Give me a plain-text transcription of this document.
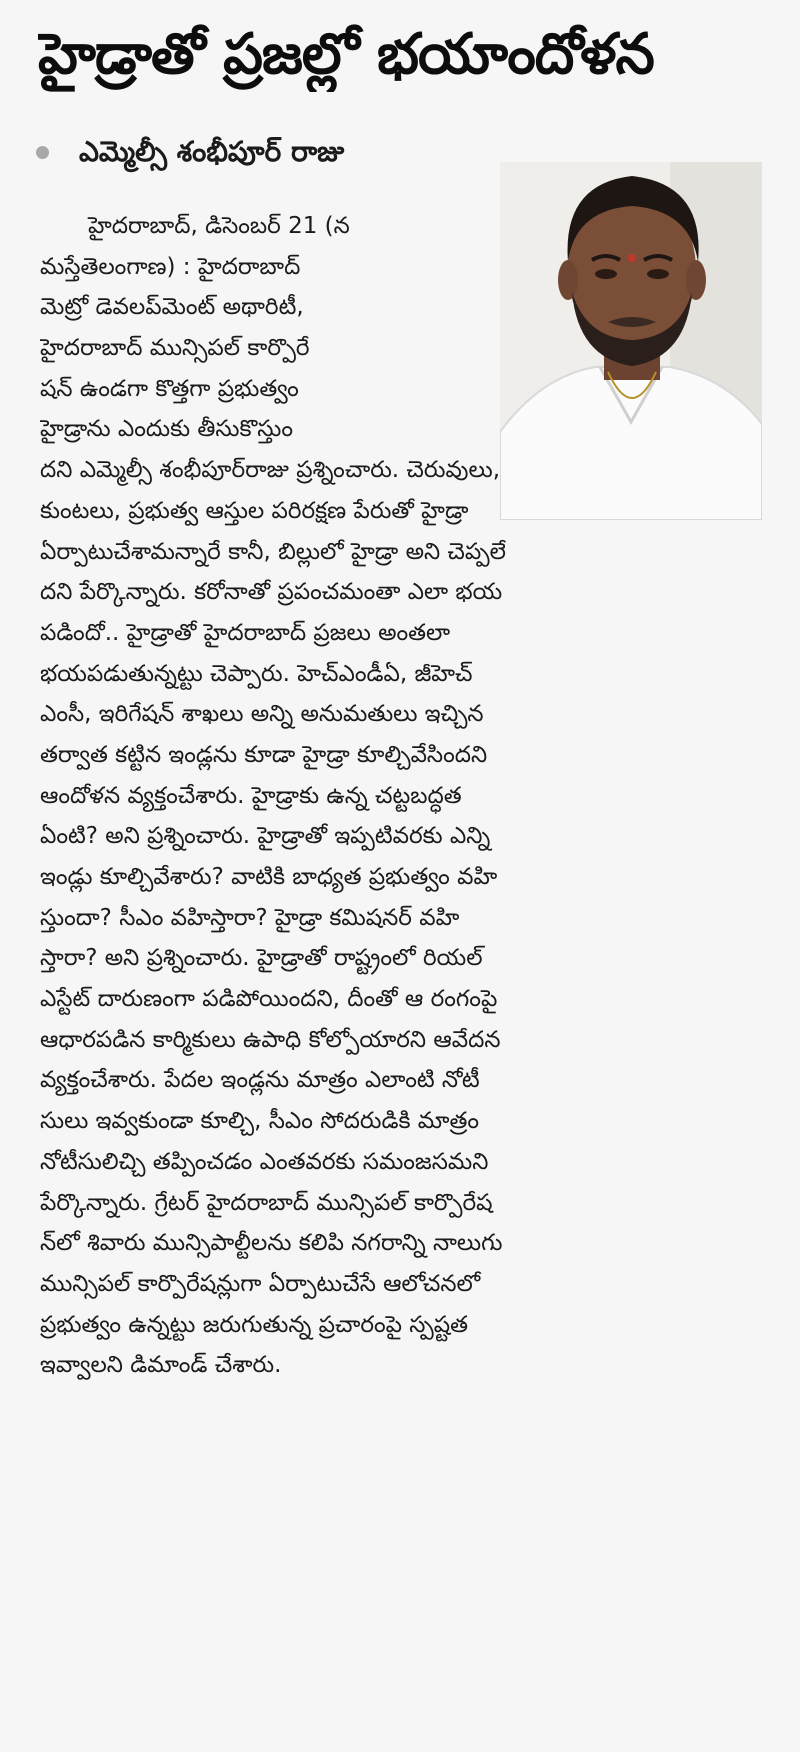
హైడ్రాతో ప్రజల్లో భయాందోళన
ఎమ్మెల్సీ శంభీపూర్ రాజు
హైదరాబాద్, డిసెంబర్ 21 (న
మస్తేతెలంగాణ) : హైదరాబాద్
మెట్రో డెవలప్‌మెంట్ అథారిటీ,
హైదరాబాద్ మున్సిపల్ కార్పొరే
షన్ ఉండగా కొత్తగా ప్రభుత్వం
హైడ్రాను ఎందుకు తీసుకొస్తుం
దని ఎమ్మెల్సీ శంభీపూర్‌రాజు ప్రశ్నించారు. చెరువులు,
కుంటలు, ప్రభుత్వ ఆస్తుల పరిరక్షణ పేరుతో హైడ్రా
ఏర్పాటుచేశామన్నారే కానీ, బిల్లులో హైడ్రా అని చెప్పలే
దని పేర్కొన్నారు. కరోనాతో ప్రపంచమంతా ఎలా భయ
పడిందో.. హైడ్రాతో హైదరాబాద్ ప్రజలు అంతలా
భయపడుతున్నట్టు చెప్పారు. హెచ్‌ఎండీఏ, జీహెచ్
ఎంసీ, ఇరిగేషన్ శాఖలు అన్ని అనుమతులు ఇచ్చిన
తర్వాత కట్టిన ఇండ్లను కూడా హైడ్రా కూల్చివేసిందని
ఆందోళన వ్యక్తంచేశారు. హైడ్రాకు ఉన్న చట్టబద్ధత
ఏంటి? అని ప్రశ్నించారు. హైడ్రాతో ఇప్పటివరకు ఎన్ని
ఇండ్లు కూల్చివేశారు? వాటికి బాధ్యత ప్రభుత్వం వహి
స్తుందా? సీఎం వహిస్తారా? హైడ్రా కమిషనర్ వహి
స్తారా? అని ప్రశ్నించారు. హైడ్రాతో రాష్ట్రంలో రియల్
ఎస్టేట్ దారుణంగా పడిపోయిందని, దీంతో ఆ రంగంపై
ఆధారపడిన కార్మికులు ఉపాధి కోల్పోయారని ఆవేదన
వ్యక్తంచేశారు. పేదల ఇండ్లను మాత్రం ఎలాంటి నోటీ
సులు ఇవ్వకుండా కూల్చి, సీఎం సోదరుడికి మాత్రం
నోటీసులిచ్చి తప్పించడం ఎంతవరకు సమంజసమని
పేర్కొన్నారు. గ్రేటర్ హైదరాబాద్ మున్సిపల్ కార్పొరేష
న్‌లో శివారు మున్సిపాల్టీలను కలిపి నగరాన్ని నాలుగు
మున్సిపల్ కార్పొరేషన్లుగా ఏర్పాటుచేసే ఆలోచనలో
ప్రభుత్వం ఉన్నట్టు జరుగుతున్న ప్రచారంపై స్పష్టత
ఇవ్వాలని డిమాండ్ చేశారు.
